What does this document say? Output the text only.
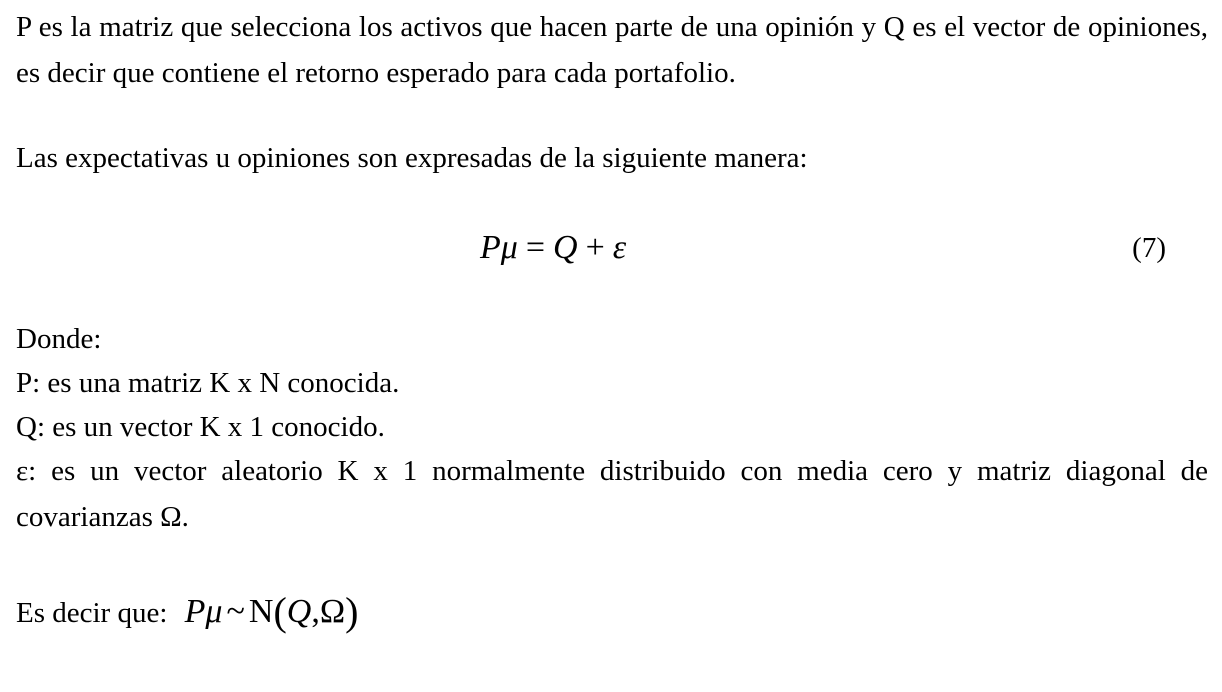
P es la matriz que selecciona los activos que hacen parte de una opinión y Q es el vector de opiniones, es decir que contiene el retorno esperado para cada portafolio.

Las expectativas u opiniones son expresadas de la siguiente manera:

Pμ = Q + ε	(7)

Donde:

P: es una matriz K x N conocida.

Q: es un vector K x 1 conocido.

ε: es un vector aleatorio K x 1 normalmente distribuido con media cero y matriz diagonal de covarianzas Ω.

Es decir que: Pμ ~ N(Q,Ω)
